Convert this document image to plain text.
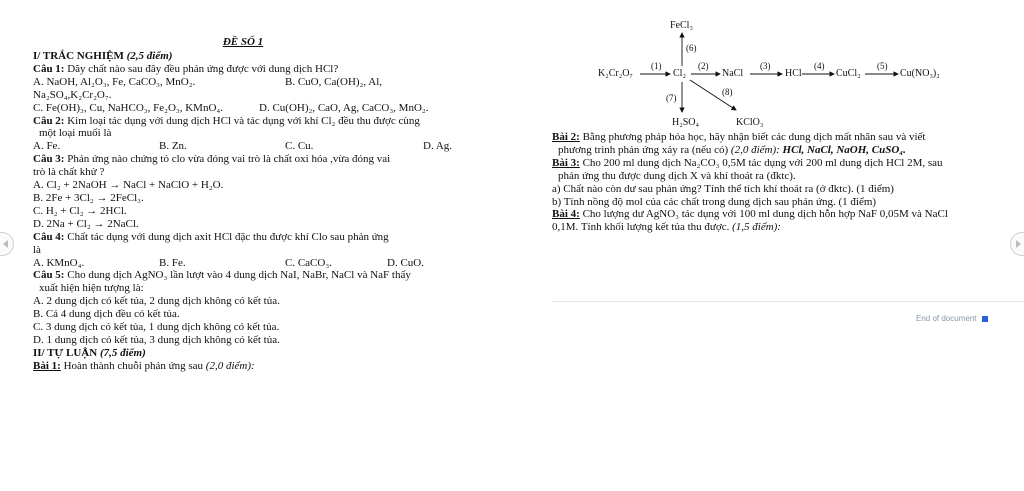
ĐỀ SỐ 1
I/ TRẮC NGHIỆM (2,5 điểm)
Câu 1: Dãy chất nào sau đây đều phản ứng được với dung dịch HCl?
A. NaOH, Al₂O₃, Fe, CaCO₃, MnO₂.	B. CuO, Ca(OH)₂, Al,
Na₂SO₄,K₂Cr₂O₇.
C. Fe(OH)₃, Cu, NaHCO₃, Fe₂O₃, KMnO₄.	D. Cu(OH)₂, CaO, Ag, CaCO₃, MnO₂.
Câu 2: Kim loại tác dụng với dung dịch HCl và tác dụng với khí Cl₂ đều thu được cùng
một loại muối là
A. Fe.	B. Zn.	C. Cu.	D. Ag.
Câu 3: Phản ứng nào chứng tỏ clo vừa đóng vai trò là chất oxi hóa ,vừa đóng vai
trò là chất khử ?
A. Cl₂ + 2NaOH → NaCl + NaClO + H₂O.
B. 2Fe + 3Cl₂ → 2FeCl₃.
C. H₂ + Cl₂ → 2HCl.
D. 2Na + Cl₂ → 2NaCl.
Câu 4: Chất tác dụng với dung dịch axit HCl đặc thu được khí Clo sau phản ứng
là
A. KMnO₄.	B. Fe.	C. CaCO₃.	D. CuO.
Câu 5: Cho dung dịch AgNO₃ lần lượt vào 4 dung dịch NaI, NaBr, NaCl và NaF thấy
xuất hiện hiện tượng là:
A. 2 dung dịch có kết tủa, 2 dung dịch không có kết tủa.
B. Cả 4 dung dịch đều có kết tủa.
C. 3 dung dịch có kết tủa, 1 dung dịch không có kết tủa.
D. 1 dung dịch có kết tủa, 3 dung dịch không có kết tủa.
II/ TỰ LUẬN (7,5 điểm)
Bài 1: Hoàn thành chuỗi phản ứng sau (2,0 điểm):
FeCl₃
(6)
K₂Cr₂O₇
(1)
Cl₂
(2)
NaCl
(3)
HCl
(4)
CuCl₂
(5)
Cu(NO₃)₂
(7)
(8)
H₂SO₄	KClO₃
Bài 2: Bằng phương pháp hóa học, hãy nhận biết các dung dịch mất nhãn sau và viết
phương trình phản ứng xảy ra (nếu có) (2,0 điểm): HCl, NaCl, NaOH, CuSO₄.
Bài 3: Cho 200 ml dung dịch Na₂CO₃ 0,5M tác dụng với 200 ml dung dịch HCl 2M, sau
phản ứng thu được dung dịch X và khí thoát ra (đktc).
a) Chất nào còn dư sau phản ứng? Tính thể tích khí thoát ra (ở đktc). (1 điểm)
b) Tính nồng độ mol của các chất trong dung dịch sau phản ứng. (1 điểm)
Bài 4: Cho lượng dư AgNO₃ tác dụng với 100 ml dung dịch hỗn hợp NaF 0,05M và NaCl
0,1M. Tính khối lượng kết tủa thu được. (1,5 điểm):
End of document
